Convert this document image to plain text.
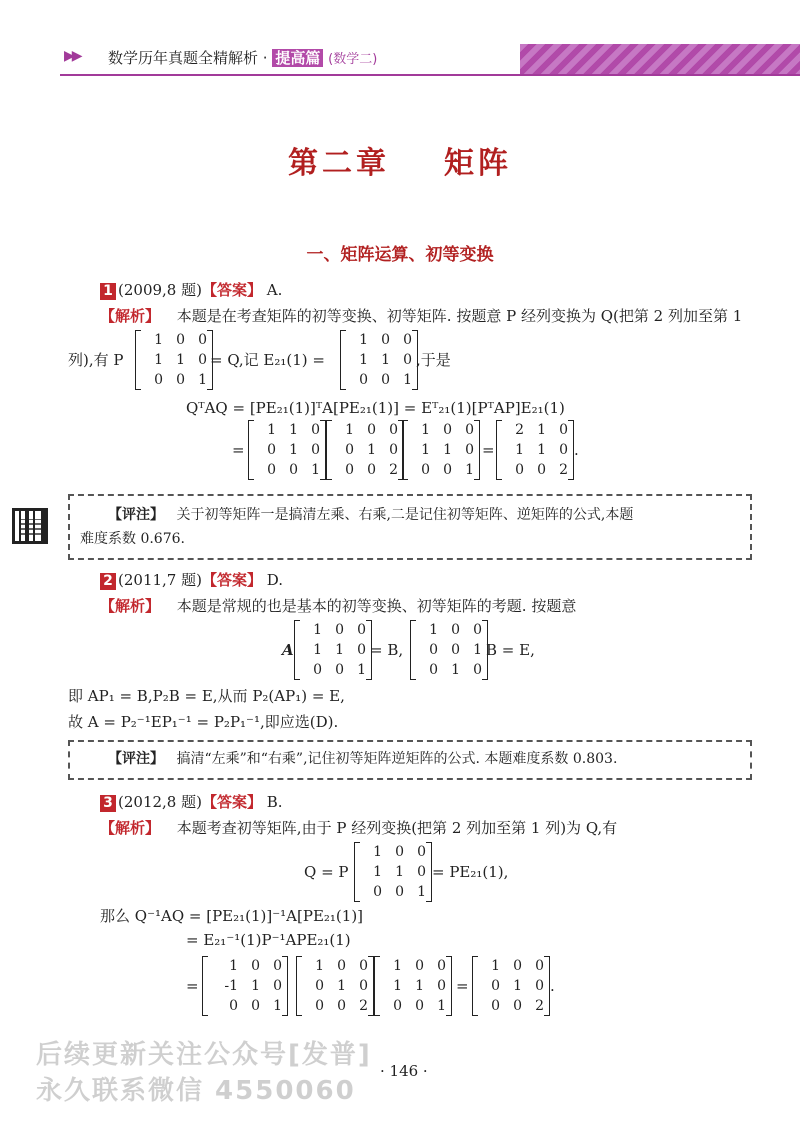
▶▶ 数学历年真题全精解析 · 提高篇 (数学二)
第二章 矩阵
一、矩阵运算、初等变换
1 (2009,8 题)【答案】 A.
【解析】 本题是在考查矩阵的初等变换、初等矩阵. 按题意 P 经列变换为 Q(把第 2 列加至第 1
列),有 P
1 0 0
1 1 0
0 0 1
= Q,记 E₂₁(1) =
1 0 0
1 1 0
0 0 1
,于是
QᵀAQ = [PE₂₁(1)]ᵀA[PE₂₁(1)] = Eᵀ₂₁(1)[PᵀAP]E₂₁(1)
=
1 1 0
0 1 0
0 0 1
1 0 0
0 1 0
0 0 2
1 0 0
1 1 0
0 0 1
=
2 1 0
1 1 0
0 0 2
.
【评注】 关于初等矩阵一是搞清左乘、右乘,二是记住初等矩阵、逆矩阵的公式,本题
难度系数 0.676.
2 (2011,7 题)【答案】 D.
【解析】 本题是常规的也是基本的初等变换、初等矩阵的考题. 按题意
A
1 0 0
1 1 0
0 0 1
= B,
1 0 0
0 0 1
0 1 0
B = E,
即 AP₁ = B,P₂B = E,从而 P₂(AP₁) = E,
故 A = P₂⁻¹EP₁⁻¹ = P₂P₁⁻¹,即应选(D).
【评注】 搞清“左乘”和“右乘”,记住初等矩阵逆矩阵的公式. 本题难度系数 0.803.
3 (2012,8 题)【答案】 B.
【解析】 本题考查初等矩阵,由于 P 经列变换(把第 2 列加至第 1 列)为 Q,有
Q = P
1 0 0
1 1 0
0 0 1
= PE₂₁(1),
那么 Q⁻¹AQ = [PE₂₁(1)]⁻¹A[PE₂₁(1)]
= E₂₁⁻¹(1)P⁻¹APE₂₁(1)
=
1 0 0
-1 1 0
0 0 1
1 0 0
0 1 0
0 0 2
1 0 0
1 1 0
0 0 1
=
1 0 0
0 1 0
0 0 2
.
· 146 ·
后续更新关注公众号[发普]
永久联系微信 4550060
